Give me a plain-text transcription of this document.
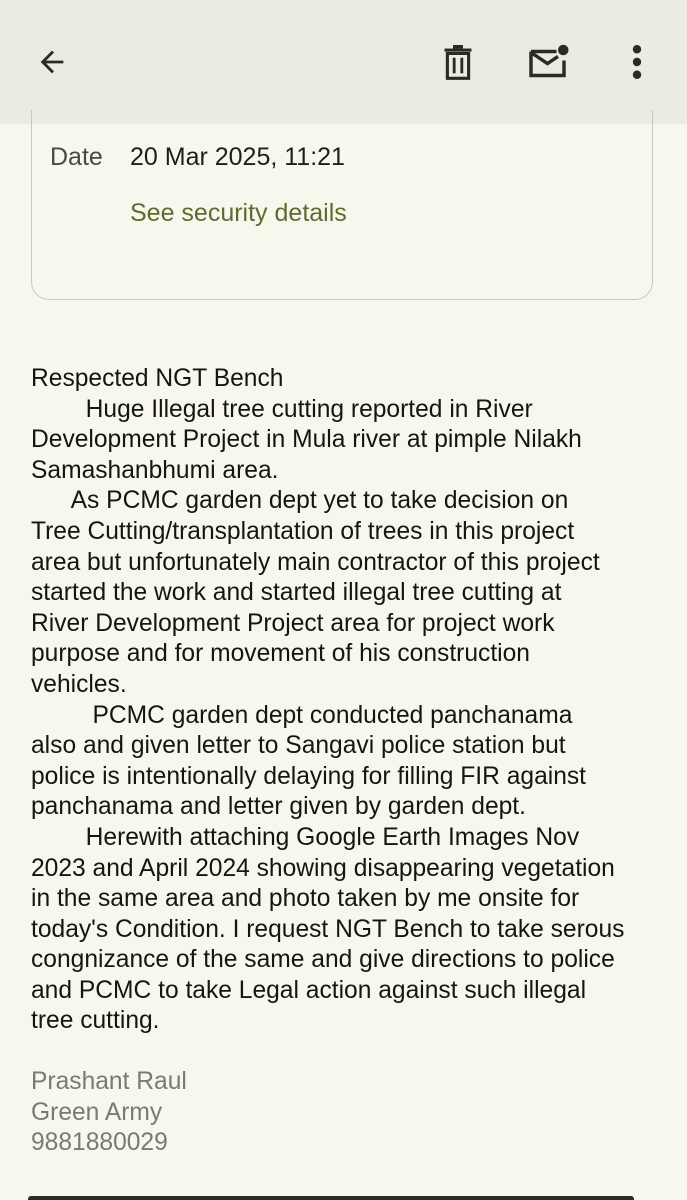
Date 20 Mar 2025, 11:21
See security details

Respected NGT Bench

Huge Illegal tree cutting reported in River

Development Project in Mula river at pimple Nilakh

Samashanbhumi area.

As PCMC garden dept yet to take decision on

Tree Cutting/transplantation of trees in this project

area but unfortunately main contractor of this project

started the work and started illegal tree cutting at

River Development Project area for project work

purpose and for movement of his construction

vehicles.

PCMC garden dept conducted panchanama

also and given letter to Sangavi police station but

police is intentionally delaying for filling FIR against

panchanama and letter given by garden dept.

Herewith attaching Google Earth Images Nov

2023 and April 2024 showing disappearing vegetation

in the same area and photo taken by me onsite for

today's Condition. I request NGT Bench to take serous

congnizance of the same and give directions to police

and PCMC to take Legal action against such illegal

tree cutting.

Prashant Raul
Green Army
9881880029
